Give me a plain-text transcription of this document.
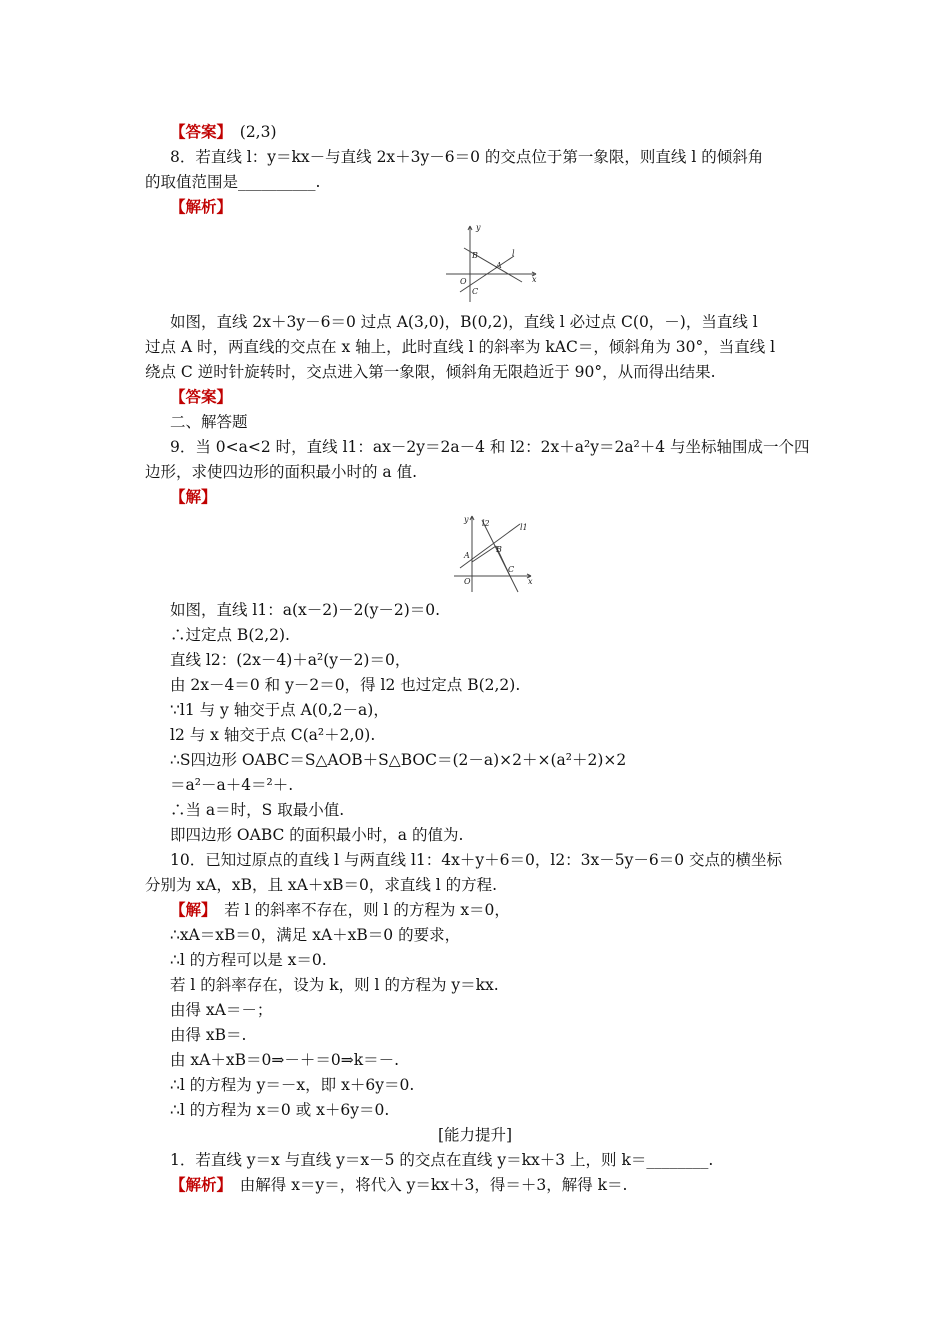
【答案】　(2,3)
8．若直线 l：y＝kx－与直线 2x＋3y－6＝0 的交点位于第一象限，则直线 l 的倾斜角
的取值范围是__________.
【解析】
y
B	l
A
O	x
C
如图，直线 2x＋3y－6＝0 过点 A(3,0)，B(0,2)，直线 l 必过点 C(0，－)，当直线 l
过点 A 时，两直线的交点在 x 轴上，此时直线 l 的斜率为 kAC＝，倾斜角为 30°，当直线 l
绕点 C 逆时针旋转时，交点进入第一象限，倾斜角无限趋近于 90°，从而得出结果.
【答案】
二、解答题
9．当 0<a<2 时，直线 l1：ax－2y＝2a－4 和 l2：2x＋a²y＝2a²＋4 与坐标轴围成一个四
边形，求使四边形的面积最小时的 a 值.
【解】
y l2	l1
B
A
C
O	x
如图，直线 l1：a(x－2)－2(y－2)＝0.
∴过定点 B(2,2).
直线 l2：(2x－4)＋a²(y－2)＝0，
由 2x－4＝0 和 y－2＝0，得 l2 也过定点 B(2,2).
∵l1 与 y 轴交于点 A(0,2－a)，
l2 与 x 轴交于点 C(a²＋2,0).
∴S四边形 OABC＝S△AOB＋S△BOC＝(2－a)×2＋×(a²＋2)×2
＝a²－a＋4＝²＋.
∴当 a＝时，S 取最小值.
即四边形 OABC 的面积最小时，a 的值为.
10．已知过原点的直线 l 与两直线 l1：4x＋y＋6＝0，l2：3x－5y－6＝0 交点的横坐标
分别为 xA，xB，且 xA＋xB＝0，求直线 l 的方程.
【解】　若 l 的斜率不存在，则 l 的方程为 x＝0，
∴xA＝xB＝0，满足 xA＋xB＝0 的要求，
∴l 的方程可以是 x＝0.
若 l 的斜率存在，设为 k，则 l 的方程为 y＝kx.
由得 xA＝－；
由得 xB＝.
由 xA＋xB＝0⇒－＋＝0⇒k＝－.
∴l 的方程为 y＝－x，即 x＋6y＝0.
∴l 的方程为 x＝0 或 x＋6y＝0.
[能力提升]
1．若直线 y＝x 与直线 y＝x－5 的交点在直线 y＝kx＋3 上，则 k＝________.
【解析】　由解得 x＝y＝，将代入 y＝kx＋3，得＝＋3，解得 k＝.
